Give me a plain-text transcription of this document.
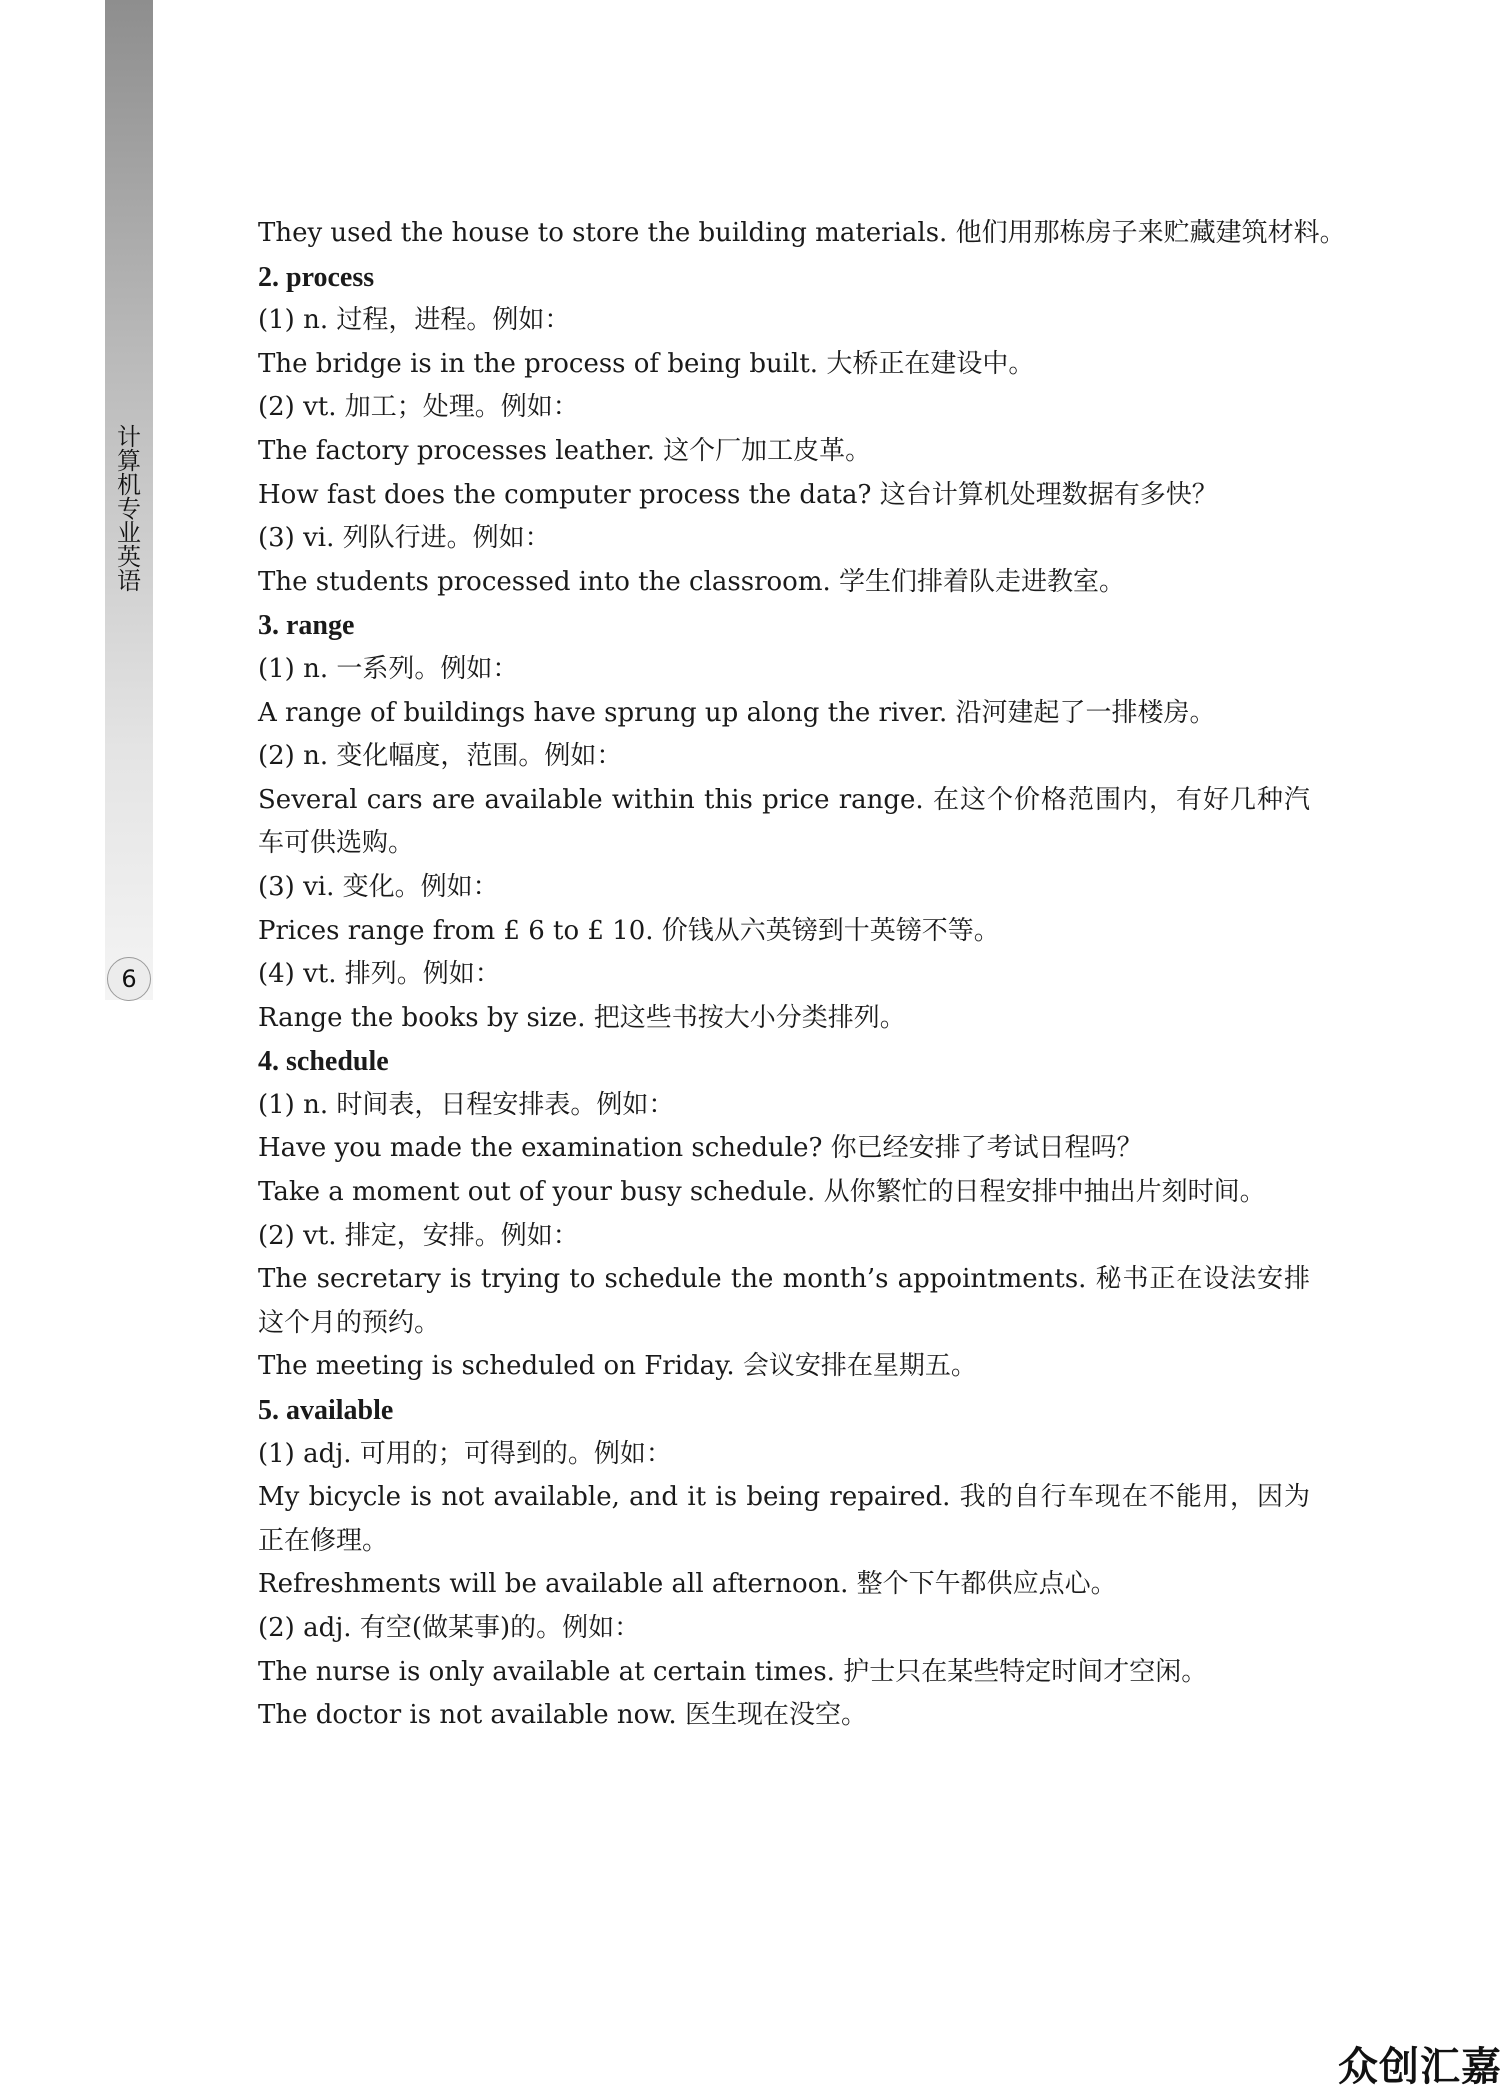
计
算
机
专
业
英
语
6
They used the house to store the building materials. 他们用那栋房子来贮藏建筑材料。
2. process
(1) n. 过程，进程。例如：
The bridge is in the process of being built. 大桥正在建设中。
(2) vt. 加工；处理。例如：
The factory processes leather. 这个厂加工皮革。
How fast does the computer process the data? 这台计算机处理数据有多快？
(3) vi. 列队行进。例如：
The students processed into the classroom. 学生们排着队走进教室。
3. range
(1) n. 一系列。例如：
A range of buildings have sprung up along the river. 沿河建起了一排楼房。
(2) n. 变化幅度，范围。例如：
Several cars are available within this price range. 在这个价格范围内，有好几种汽车可供选购。
(3) vi. 变化。例如：
Prices range from £ 6 to £ 10. 价钱从六英镑到十英镑不等。
(4) vt. 排列。例如：
Range the books by size. 把这些书按大小分类排列。
4. schedule
(1) n. 时间表，日程安排表。例如：
Have you made the examination schedule? 你已经安排了考试日程吗？
Take a moment out of your busy schedule. 从你繁忙的日程安排中抽出片刻时间。
(2) vt. 排定，安排。例如：
The secretary is trying to schedule the month’s appointments. 秘书正在设法安排这个月的预约。
The meeting is scheduled on Friday. 会议安排在星期五。
5. available
(1) adj. 可用的；可得到的。例如：
My bicycle is not available, and it is being repaired. 我的自行车现在不能用，因为正在修理。
Refreshments will be available all afternoon. 整个下午都供应点心。
(2) adj. 有空(做某事)的。例如：
The nurse is only available at certain times. 护士只在某些特定时间才空闲。
The doctor is not available now. 医生现在没空。
众创汇嘉
